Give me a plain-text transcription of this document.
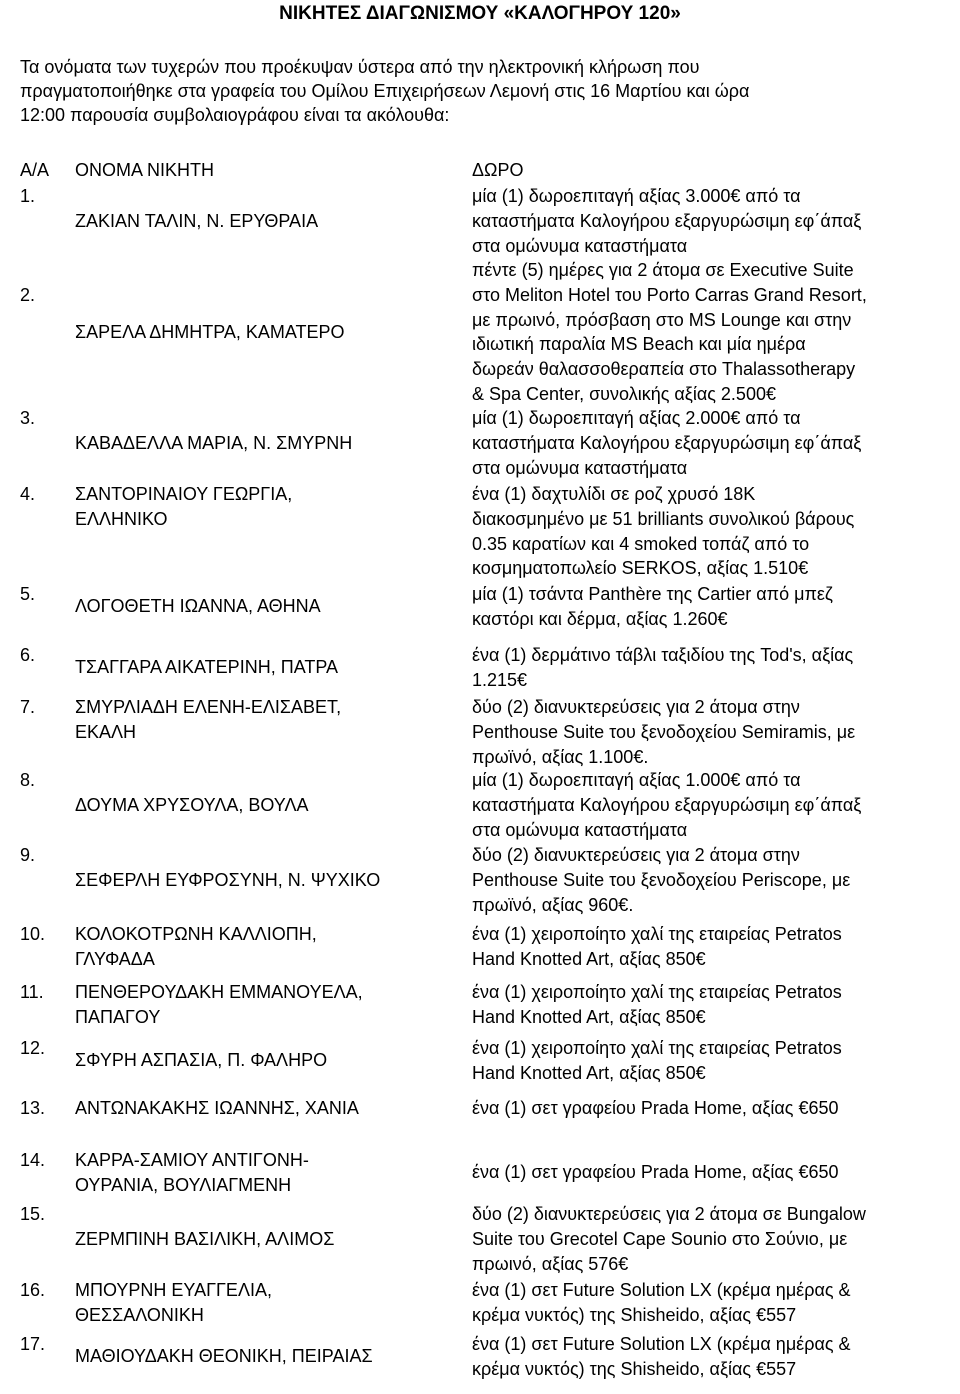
ΝΙΚΗΤΕΣ ΔΙΑΓΩΝΙΣΜΟΥ «ΚΑΛΟΓΗΡΟΥ 120»
Τα ονόματα των τυχερών που προέκυψαν ύστερα από την ηλεκτρονική κλήρωση που
πραγματοποιήθηκε στα γραφεία του Ομίλου Επιχειρήσεων Λεμονή στις 16 Μαρτίου και ώρα
12:00 παρουσία συμβολαιογράφου είναι τα ακόλουθα:
Α/Α ΟΝΟΜΑ ΝΙΚΗΤΗ	ΔΩΡΟ
1.
ΖΑΚΙΑΝ ΤΑΛΙΝ, Ν. ΕΡΥΘΡΑΙΑ
μία (1) δωροεπιταγή αξίας 3.000€ από τα
καταστήματα Καλογήρου εξαργυρώσιμη εφ΄άπαξ
στα ομώνυμα καταστήματα
2.
ΣΑΡΕΛΑ ΔΗΜΗΤΡΑ, ΚΑΜΑΤΕΡΟ
πέντε (5) ημέρες για 2 άτομα σε Executive Suite
στο Meliton Hotel του Porto Carras Grand Resort,
με πρωινό, πρόσβαση στο MS Lounge και στην
ιδιωτική παραλία MS Beach και μία ημέρα
δωρεάν θαλασσοθεραπεία στο Thalassotherapy
& Spa Center, συνολικής αξίας 2.500€
3.
ΚΑΒΑΔΕΛΛΑ ΜΑΡΙΑ, Ν. ΣΜΥΡΝΗ
μία (1) δωροεπιταγή αξίας 2.000€ από τα
καταστήματα Καλογήρου εξαργυρώσιμη εφ΄άπαξ
στα ομώνυμα καταστήματα
4. ΣΑΝΤΟΡΙΝΑΙΟΥ ΓΕΩΡΓΙΑ,
ΕΛΛΗΝΙΚΟ
ένα (1) δαχτυλίδι σε ροζ χρυσό 18Κ
διακοσμημένο με 51 brilliants συνολικού βάρους
0.35 καρατίων και 4 smoked τοπάζ από το
κοσμηματοπωλείο SERKOS, αξίας 1.510€
5.
ΛΟΓΟΘΕΤΗ ΙΩΑΝΝΑ, ΑΘΗΝΑ
μία (1) τσάντα Panthère της Cartier από μπεζ
καστόρι και δέρμα, αξίας 1.260€
6.
ΤΣΑΓΓΑΡΑ ΑΙΚΑΤΕΡΙΝΗ, ΠΑΤΡΑ
ένα (1) δερμάτινο τάβλι ταξιδίου της Tod's, αξίας
1.215€
7. ΣΜΥΡΛΙΑΔΗ ΕΛΕΝΗ-ΕΛΙΣΑΒΕΤ,
ΕΚΑΛΗ
δύο (2) διανυκτερεύσεις για 2 άτομα στην
Penthouse Suite του ξενοδοχείου Semiramis, με
πρωϊνό, αξίας 1.100€.
8.
ΔΟΥΜΑ ΧΡΥΣΟΥΛΑ, ΒΟΥΛΑ
μία (1) δωροεπιταγή αξίας 1.000€ από τα
καταστήματα Καλογήρου εξαργυρώσιμη εφ΄άπαξ
στα ομώνυμα καταστήματα
9.
ΣΕΦΕΡΛΗ ΕΥΦΡΟΣΥΝΗ, Ν. ΨΥΧΙΚΟ
δύο (2) διανυκτερεύσεις για 2 άτομα στην
Penthouse Suite του ξενοδοχείου Periscope, με
πρωϊνό, αξίας 960€.
10. ΚΟΛΟΚΟΤΡΩΝΗ ΚΑΛΛΙΟΠΗ,
ΓΛΥΦΑΔΑ
ένα (1) χειροποίητο χαλί της εταιρείας Petratos
Hand Knotted Art, αξίας 850€
11. ΠΕΝΘΕΡΟΥΔΑΚΗ ΕΜΜΑΝΟΥΕΛΑ,
ΠΑΠΑΓΟΥ
ένα (1) χειροποίητο χαλί της εταιρείας Petratos
Hand Knotted Art, αξίας 850€
12.
ΣΦΥΡΗ ΑΣΠΑΣΙΑ, Π. ΦΑΛΗΡΟ
ένα (1) χειροποίητο χαλί της εταιρείας Petratos
Hand Knotted Art, αξίας 850€
13. ΑΝΤΩΝΑΚΑΚΗΣ ΙΩΑΝΝΗΣ, ΧΑΝΙΑ	ένα (1) σετ γραφείου Prada Home, αξίας €650
14. ΚΑΡΡΑ-ΣΑΜΙΟΥ ΑΝΤΙΓΟΝΗ-
ΟΥΡΑΝΙΑ, ΒΟΥΛΙΑΓΜΕΝΗ
ένα (1) σετ γραφείου Prada Home, αξίας €650
15.
ΖΕΡΜΠΙΝΗ ΒΑΣΙΛΙΚΗ, ΑΛΙΜΟΣ
δύο (2) διανυκτερεύσεις για 2 άτομα σε Bungalow
Suite του Grecotel Cape Sounio στο Σούνιο, με
πρωινό, αξίας 576€
16. ΜΠΟΥΡΝΗ ΕΥΑΓΓΕΛΙΑ,
ΘΕΣΣΑΛΟΝΙΚΗ
ένα (1) σετ Future Solution LX (κρέμα ημέρας &
κρέμα νυκτός) της Shisheido, αξίας €557
17.
ΜΑΘΙΟΥΔΑΚΗ ΘΕΟΝΙΚΗ, ΠΕΙΡΑΙΑΣ
ένα (1) σετ Future Solution LX (κρέμα ημέρας &
κρέμα νυκτός) της Shisheido, αξίας €557
